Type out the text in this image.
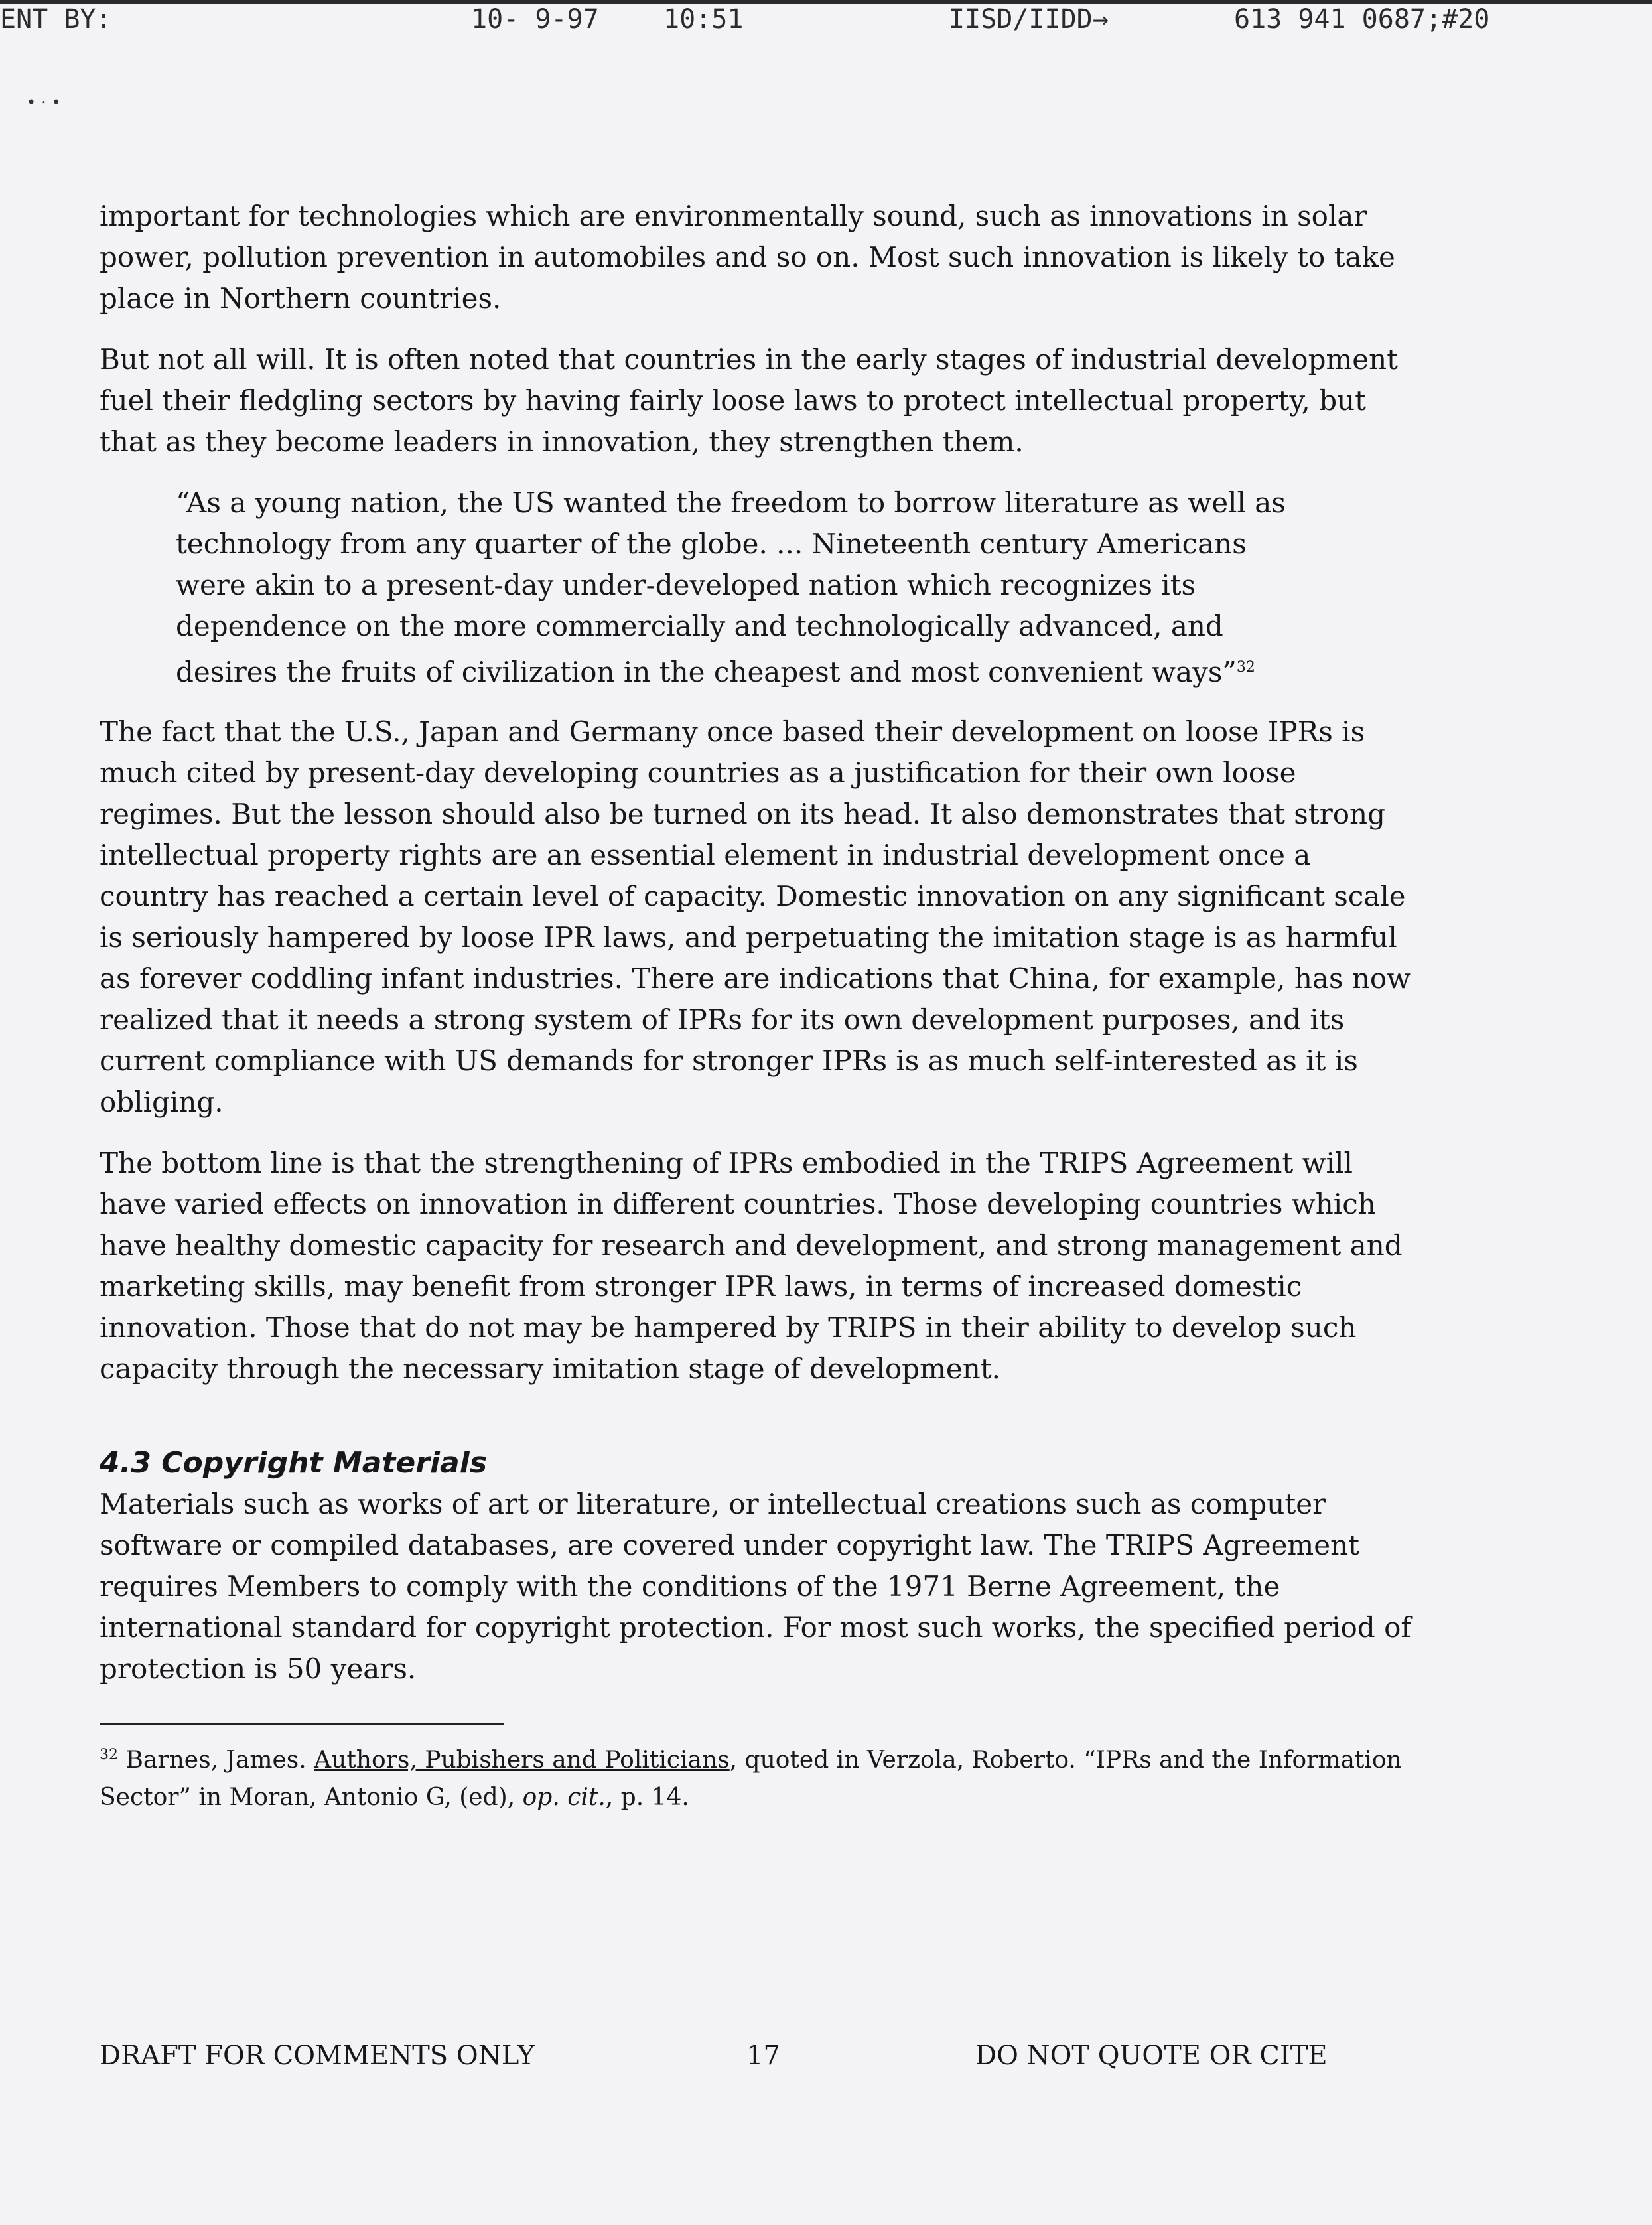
ENT BY:	10- 9-97 10:51	IISD/IIDD→	613 941 0687;#20
• ⋅ •

important for technologies which are environmentally sound, such as innovations in solar power, pollution prevention in automobiles and so on. Most such innovation is likely to take place in Northern countries.

But not all will. It is often noted that countries in the early stages of industrial development fuel their fledgling sectors by having fairly loose laws to protect intellectual property, but that as they become leaders in innovation, they strengthen them.

“As a young nation, the US wanted the freedom to borrow literature as well as technology from any quarter of the globe. ... Nineteenth century Americans were akin to a present-day under-developed nation which recognizes its dependence on the more commercially and technologically advanced, and desires the fruits of civilization in the cheapest and most convenient ways”$^{32}$

The fact that the U.S., Japan and Germany once based their development on loose IPRs is much cited by present-day developing countries as a justification for their own loose regimes. But the lesson should also be turned on its head. It also demonstrates that strong intellectual property rights are an essential element in industrial development once a country has reached a certain level of capacity. Domestic innovation on any significant scale is seriously hampered by loose IPR laws, and perpetuating the imitation stage is as harmful as forever coddling infant industries. There are indications that China, for example, has now realized that it needs a strong system of IPRs for its own development purposes, and its current compliance with US demands for stronger IPRs is as much self-interested as it is obliging.

The bottom line is that the strengthening of IPRs embodied in the TRIPS Agreement will have varied effects on innovation in different countries. Those developing countries which have healthy domestic capacity for research and development, and strong management and marketing skills, may benefit from stronger IPR laws, in terms of increased domestic innovation. Those that do not may be hampered by TRIPS in their ability to develop such capacity through the necessary imitation stage of development.

4.3 Copyright Materials

Materials such as works of art or literature, or intellectual creations such as computer software or compiled databases, are covered under copyright law. The TRIPS Agreement requires Members to comply with the conditions of the 1971 Berne Agreement, the international standard for copyright protection. For most such works, the specified period of protection is 50 years.

$^{32}$ Barnes, James. Authors, Pubishers and Politicians, quoted in Verzola, Roberto. “IPRs and the Information Sector” in Moran, Antonio G, (ed), op. cit., p. 14.
DRAFT FOR COMMENTS ONLY	17	DO NOT QUOTE OR CITE
